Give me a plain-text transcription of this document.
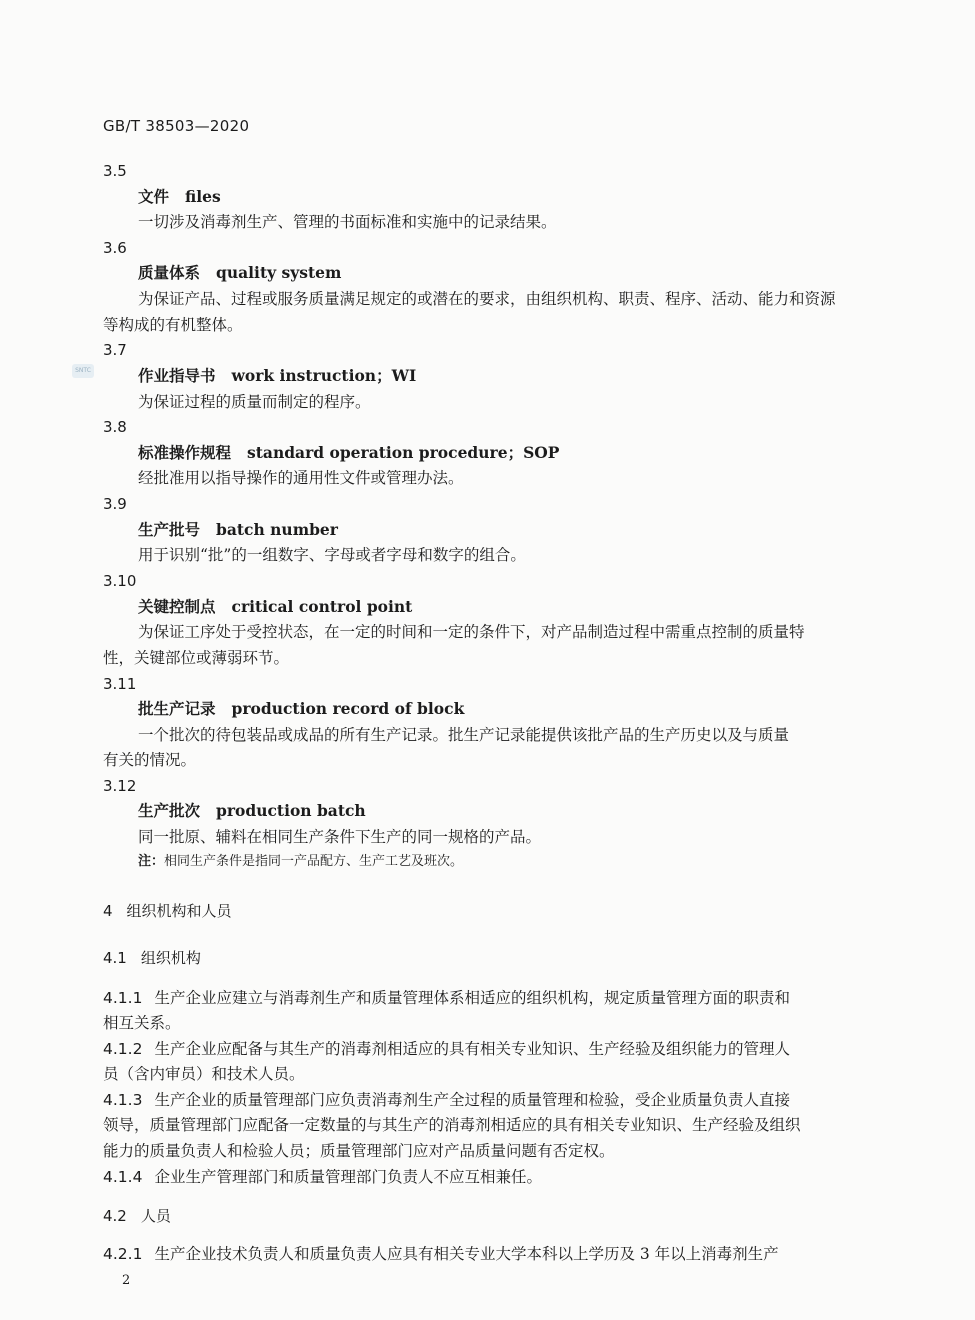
SNTC
GB/T 38503—2020
3.5
文件 files
一切涉及消毒剂生产、管理的书面标准和实施中的记录结果。
3.6
质量体系 quality system
为保证产品、过程或服务质量满足规定的或潜在的要求，由组织机构、职责、程序、活动、能力和资源
等构成的有机整体。
3.7
作业指导书 work instruction；WI
为保证过程的质量而制定的程序。
3.8
标准操作规程 standard operation procedure；SOP
经批准用以指导操作的通用性文件或管理办法。
3.9
生产批号 batch number
用于识别“批”的一组数字、字母或者字母和数字的组合。
3.10
关键控制点 critical control point
为保证工序处于受控状态，在一定的时间和一定的条件下，对产品制造过程中需重点控制的质量特
性，关键部位或薄弱环节。
3.11
批生产记录 production record of block
一个批次的待包装品或成品的所有生产记录。批生产记录能提供该批产品的生产历史以及与质量
有关的情况。
3.12
生产批次 production batch
同一批原、辅料在相同生产条件下生产的同一规格的产品。
注：相同生产条件是指同一产品配方、生产工艺及班次。
4 组织机构和人员
4.1 组织机构
4.1.1 生产企业应建立与消毒剂生产和质量管理体系相适应的组织机构，规定质量管理方面的职责和
相互关系。
4.1.2 生产企业应配备与其生产的消毒剂相适应的具有相关专业知识、生产经验及组织能力的管理人
员（含内审员）和技术人员。
4.1.3 生产企业的质量管理部门应负责消毒剂生产全过程的质量管理和检验，受企业质量负责人直接
领导，质量管理部门应配备一定数量的与其生产的消毒剂相适应的具有相关专业知识、生产经验及组织
能力的质量负责人和检验人员；质量管理部门应对产品质量问题有否定权。
4.1.4 企业生产管理部门和质量管理部门负责人不应互相兼任。
4.2 人员
4.2.1 生产企业技术负责人和质量负责人应具有相关专业大学本科以上学历及 3 年以上消毒剂生产
2
